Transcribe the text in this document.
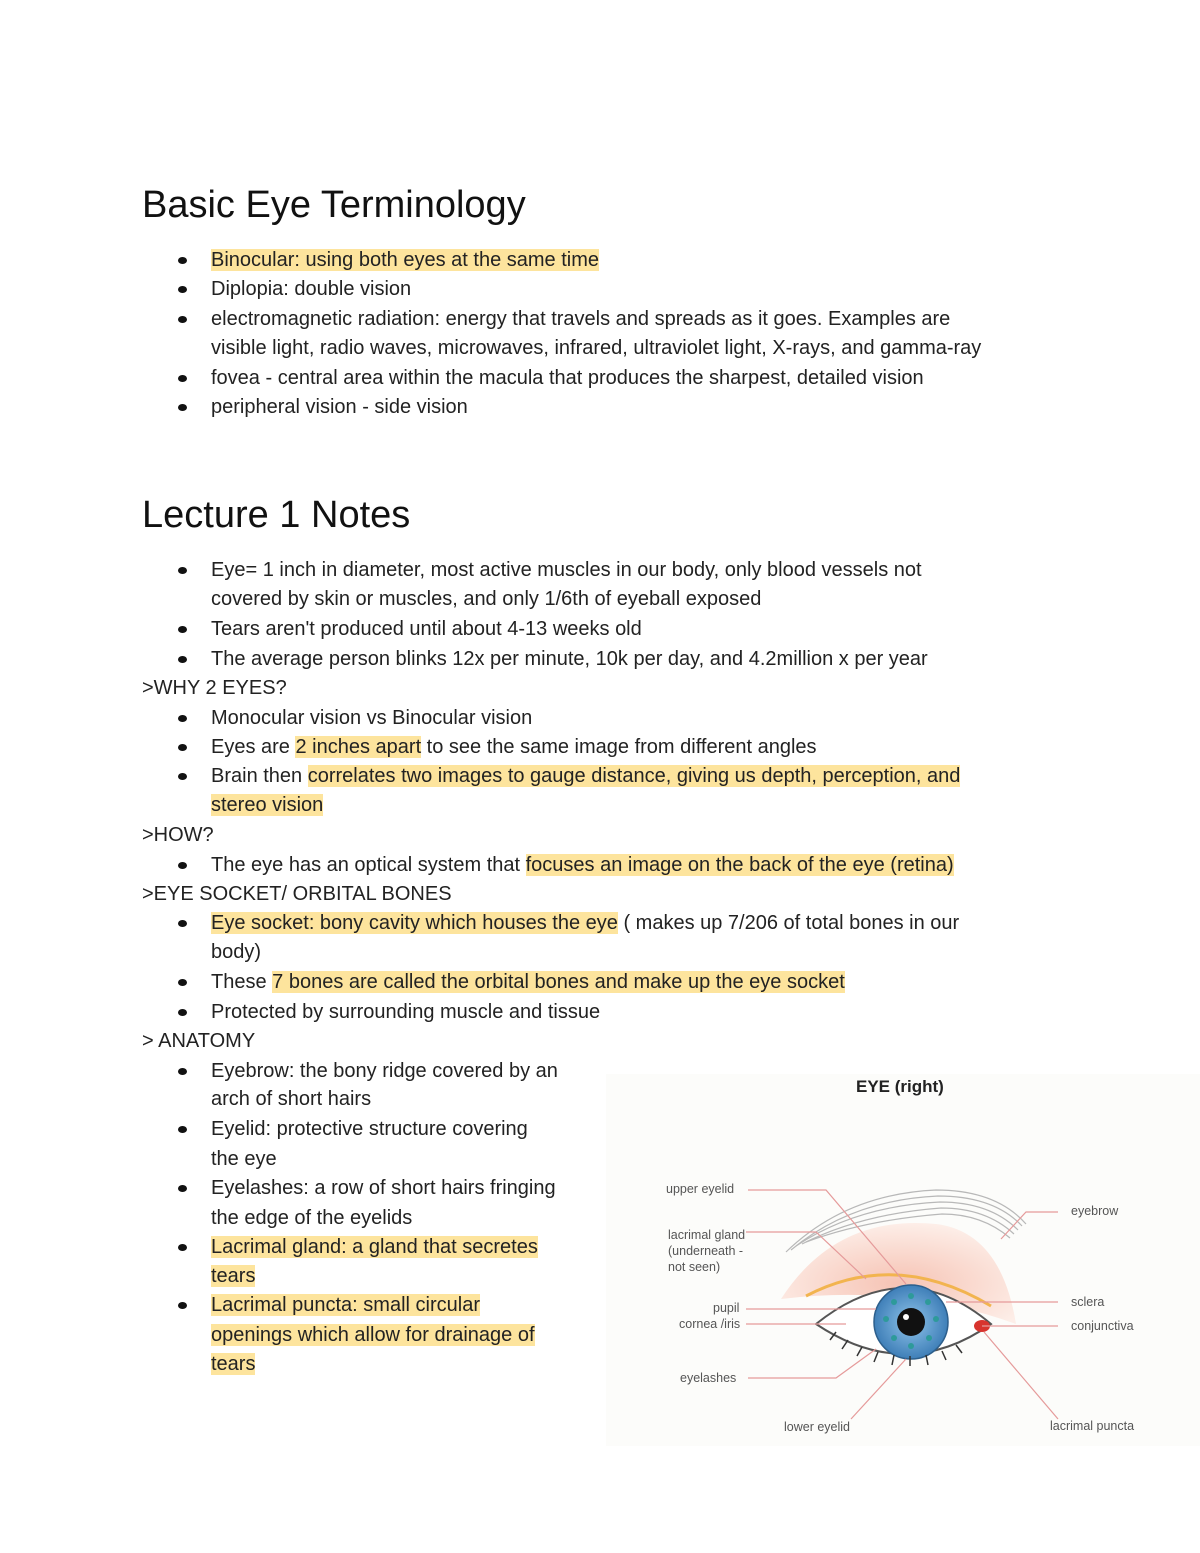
Basic Eye Terminology
Binocular: using both eyes at the same time
Diplopia: double vision
electromagnetic radiation: energy that travels and spreads as it goes. Examples are
visible light, radio waves, microwaves, infrared, ultraviolet light, X-rays, and gamma-ray
fovea - central area within the macula that produces the sharpest, detailed vision
peripheral vision - side vision
Lecture 1 Notes
Eye= 1 inch in diameter, most active muscles in our body, only blood vessels not
covered by skin or muscles, and only 1/6th of eyeball exposed
Tears aren't produced until about 4-13 weeks old
The average person blinks 12x per minute, 10k per day, and 4.2million x per year
>WHY 2 EYES?
Monocular vision vs Binocular vision
Eyes are 2 inches apart to see the same image from different angles
Brain then correlates two images to gauge distance, giving us depth, perception, and
stereo vision
>HOW?
The eye has an optical system that focuses an image on the back of the eye (retina)
>EYE SOCKET/ ORBITAL BONES
Eye socket: bony cavity which houses the eye ( makes up 7/206 of total bones in our
body)
These 7 bones are called the orbital bones and make up the eye socket
Protected by surrounding muscle and tissue
> ANATOMY
Eyebrow: the bony ridge covered by an
arch of short hairs
Eyelid: protective structure covering
the eye
Eyelashes: a row of short hairs fringing
the edge of the eyelids
Lacrimal gland: a gland that secretes
tears
Lacrimal puncta: small circular
openings which allow for drainage of
tears
EYE (right)
upper eyelid
lacrimal gland
(underneath -
not seen)
pupil
cornea /iris
eyelashes
lower eyelid
eyebrow
sclera
conjunctiva
lacrimal puncta
